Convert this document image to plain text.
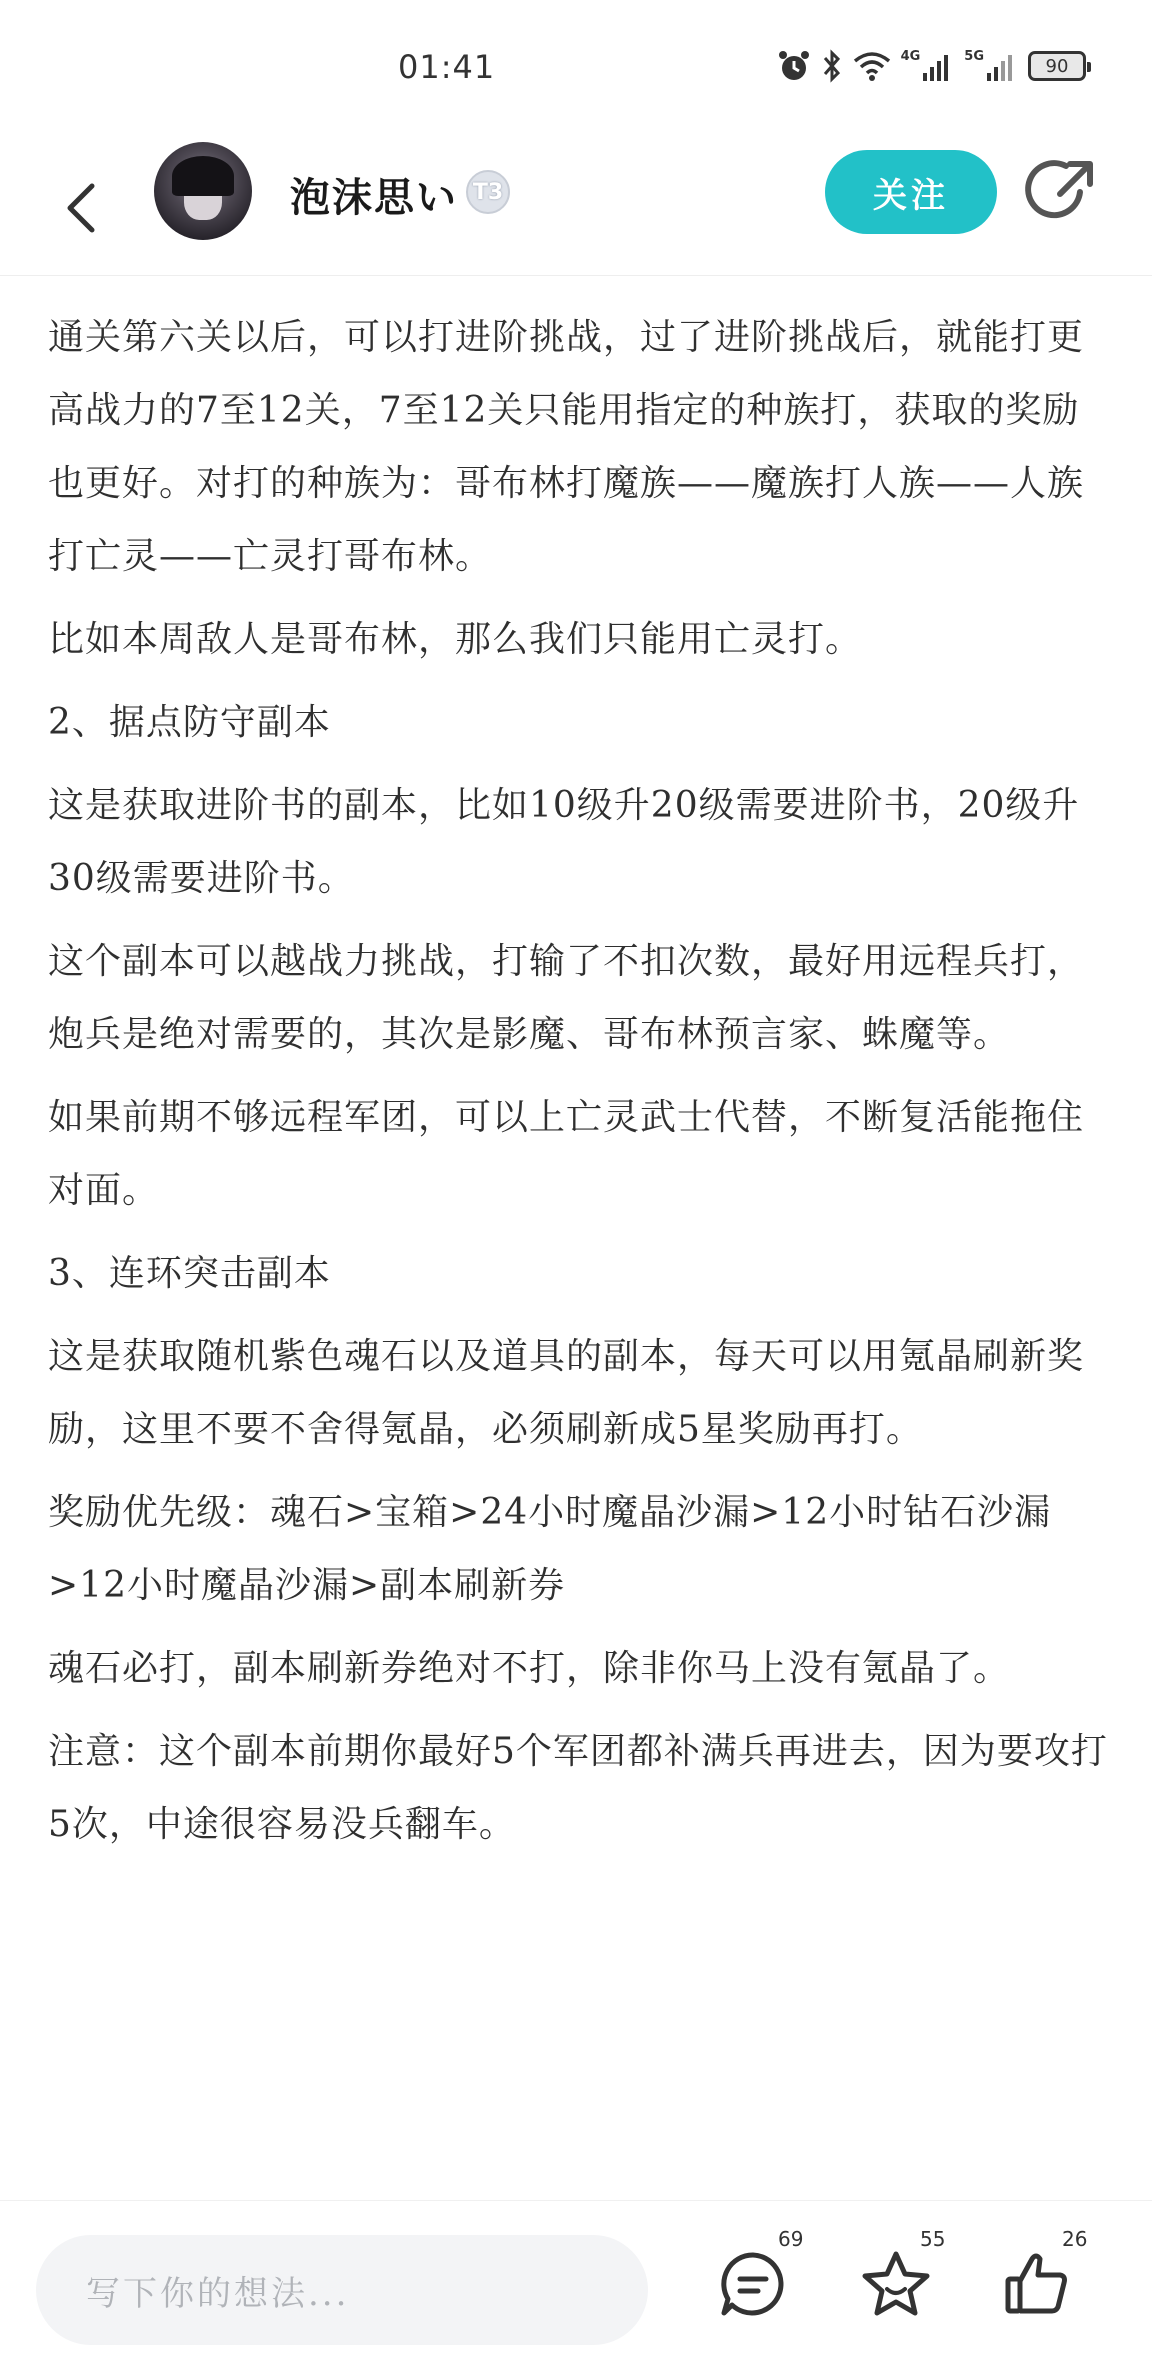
01:41	4G	5G	90
泡沫思い T3	关注

通关第六关以后，可以打进阶挑战，过了进阶挑战后，就能打更高战力的7至12关，7至12关只能用指定的种族打，获取的奖励也更好。对打的种族为：哥布林打魔族——魔族打人族——人族打亡灵——亡灵打哥布林。

比如本周敌人是哥布林，那么我们只能用亡灵打。

2、据点防守副本

这是获取进阶书的副本，比如10级升20级需要进阶书，20级升30级需要进阶书。

这个副本可以越战力挑战，打输了不扣次数，最好用远程兵打，炮兵是绝对需要的，其次是影魔、哥布林预言家、蛛魔等。

如果前期不够远程军团，可以上亡灵武士代替，不断复活能拖住对面。

3、连环突击副本

这是获取随机紫色魂石以及道具的副本，每天可以用氪晶刷新奖励，这里不要不舍得氪晶，必须刷新成5星奖励再打。

奖励优先级：魂石>宝箱>24小时魔晶沙漏>12小时钻石沙漏>12小时魔晶沙漏>副本刷新券

魂石必打，副本刷新券绝对不打，除非你马上没有氪晶了。

注意：这个副本前期你最好5个军团都补满兵再进去，因为要攻打5次，中途很容易没兵翻车。

写下你的想法...
69	55	26
